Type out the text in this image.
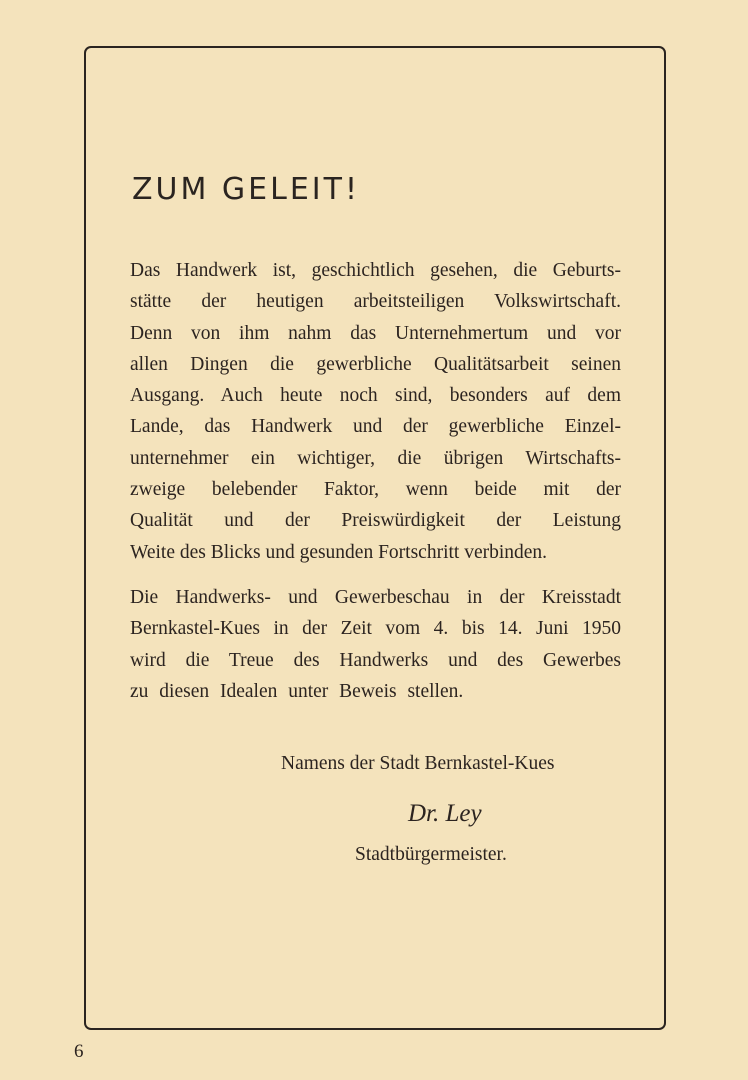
ZUM GELEIT!
Das Handwerk ist, geschichtlich gesehen, die Geburts-
stätte der heutigen arbeitsteiligen Volkswirtschaft.
Denn von ihm nahm das Unternehmertum und vor
allen Dingen die gewerbliche Qualitätsarbeit seinen
Ausgang. Auch heute noch sind, besonders auf dem
Lande, das Handwerk und der gewerbliche Einzel-
unternehmer ein wichtiger, die übrigen Wirtschafts-
zweige belebender Faktor, wenn beide mit der
Qualität und der Preiswürdigkeit der Leistung
Weite des Blicks und gesunden Fortschritt verbinden.
Die Handwerks- und Gewerbeschau in der Kreisstadt
Bernkastel-Kues in der Zeit vom 4. bis 14. Juni 1950
wird die Treue des Handwerks und des Gewerbes
zu diesen Idealen unter Beweis stellen.

Namens der Stadt Bernkastel-Kues

Dr. Ley

Stadtbürgermeister.

6
